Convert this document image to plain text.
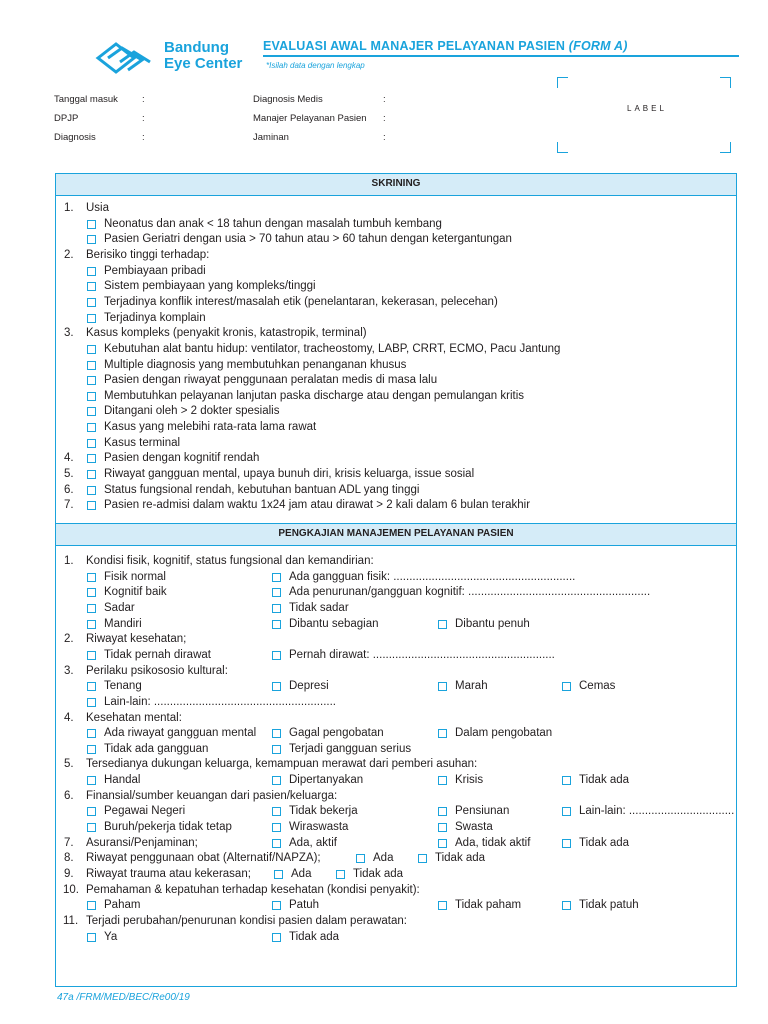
Bandung
Eye Center
EVALUASI AWAL MANAJER PELAYANAN PASIEN (FORM A)
*Isilah data dengan lengkap
Tanggal masuk	:
DPJP	:
Diagnosis	:
Diagnosis Medis	:
Manajer Pelayanan Pasien :
Jaminan	:
LABEL
SKRINING
PENGKAJIAN MANAJEMEN PELAYANAN PASIEN
1. Usia
Neonatus dan anak < 18 tahun dengan masalah tumbuh kembang
Pasien Geriatri dengan usia > 70 tahun atau > 60 tahun dengan ketergantungan
2. Berisiko tinggi terhadap:
Pembiayaan pribadi
Sistem pembiayaan yang kompleks/tinggi
Terjadinya konflik interest/masalah etik (penelantaran, kekerasan, pelecehan)
Terjadinya komplain
3. Kasus kompleks (penyakit kronis, katastropik, terminal)
Kebutuhan alat bantu hidup: ventilator, tracheostomy, LABP, CRRT, ECMO, Pacu Jantung
Multiple diagnosis yang membutuhkan penanganan khusus
Pasien dengan riwayat penggunaan peralatan medis di masa lalu
Membutuhkan pelayanan lanjutan paska discharge atau dengan pemulangan kritis
Ditangani oleh > 2 dokter spesialis
Kasus yang melebihi rata-rata lama rawat
Kasus terminal
4.	Pasien dengan kognitif rendah
5.	Riwayat gangguan mental, upaya bunuh diri, krisis keluarga, issue sosial
6.	Status fungsional rendah, kebutuhan bantuan ADL yang tinggi
7.	Pasien re-admisi dalam waktu 1x24 jam atau dirawat > 2 kali dalam 6 bulan terakhir
1. Kondisi fisik, kognitif, status fungsional dan kemandirian:
Fisik normal	Ada gangguan fisik: .........................................................
Kognitif baik	Ada penurunan/gangguan kognitif: .........................................................
Sadar	Tidak sadar
Mandiri	Dibantu sebagian	Dibantu penuh
2. Riwayat kesehatan;
Tidak pernah dirawat	Pernah dirawat: .........................................................
3. Perilaku psikososio kultural:
Tenang	Depresi	Marah	Cemas
Lain-lain: .........................................................
4. Kesehatan mental:
Ada riwayat gangguan mental	Gagal pengobatan	Dalam pengobatan
Tidak ada gangguan	Terjadi gangguan serius
5. Tersedianya dukungan keluarga, kemampuan merawat dari pemberi asuhan:
Handal	Dipertanyakan	Krisis	Tidak ada
6. Finansial/sumber keuangan dari pasien/keluarga:
Pegawai Negeri	Tidak bekerja	Pensiunan	Lain-lain: .................................
Buruh/pekerja tidak tetap	Wiraswasta	Swasta
7. Asuransi/Penjaminan;	Ada, aktif	Ada, tidak aktif	Tidak ada
8. Riwayat penggunaan obat (Alternatif/NAPZA);	Ada	Tidak ada
9. Riwayat trauma atau kekerasan;	Ada	Tidak ada
10. Pemahaman & kepatuhan terhadap kesehatan (kondisi penyakit):
Paham	Patuh	Tidak paham	Tidak patuh
11. Terjadi perubahan/penurunan kondisi pasien dalam perawatan:
Ya	Tidak ada
47a /FRM/MED/BEC/Re00/19
